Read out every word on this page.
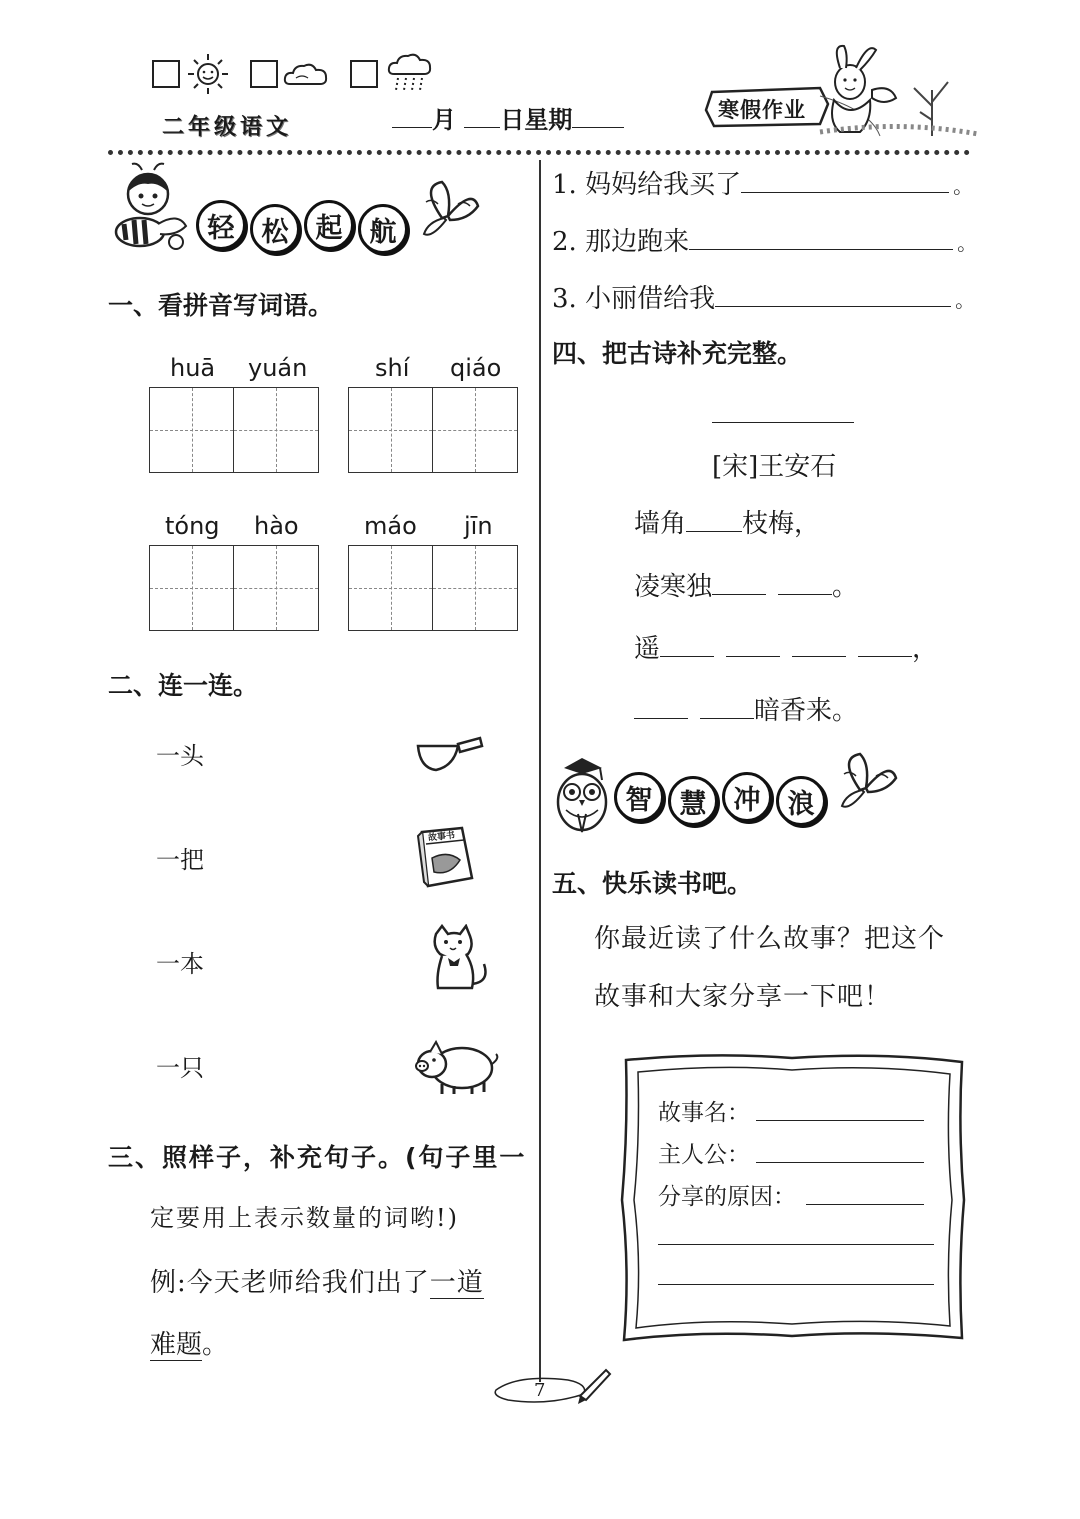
二年级语文	月 日星期	寒假作业
轻	松	起	航
一、看拼音写词语。
huā yuán	shí qiáo
tóng hào	máo jīn
二、连一连。
一头
一把
一本
一只
故事书
三、照样子，补充句子。(句子里一
定要用上表示数量的词哟!)
例:今天老师给我们出了一道
难题。
1. 妈妈给我买了	。
2. 那边跑来	。
3. 小丽借给我	。
四、把古诗补充完整。
[宋]王安石
墙角 枝梅，
凌寒独	。
遥	，
暗香来。
智	慧	冲	浪
五、快乐读书吧。
你最近读了什么故事？把这个
故事和大家分享一下吧！
故事名：
主人公：
分享的原因：
7
